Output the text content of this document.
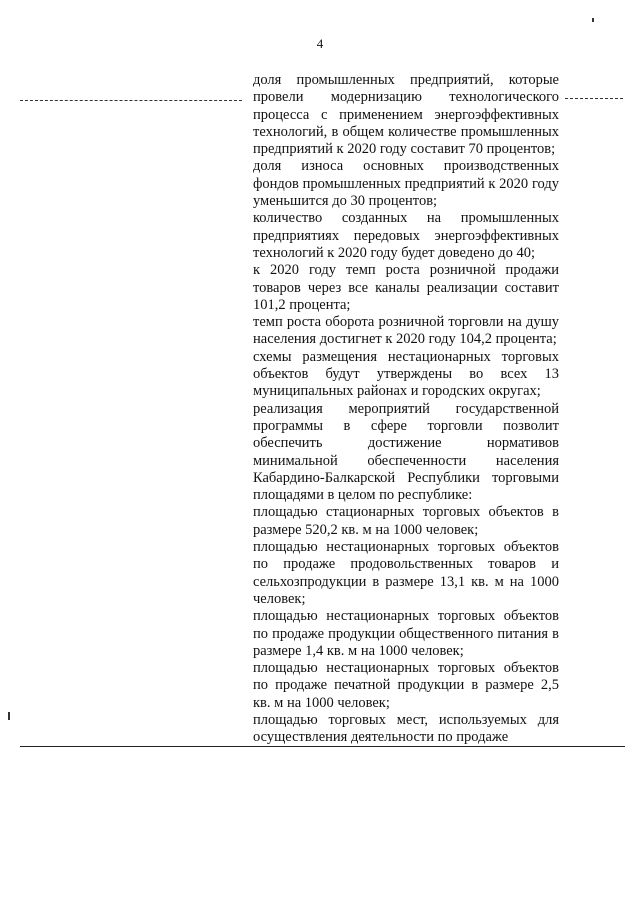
4

доля промышленных предприятий, которые провели модернизацию технологического процесса с применением энергоэффективных технологий, в общем количестве промышленных предприятий к 2020 году составит 70 процентов;

доля износа основных производственных фондов промышленных предприятий к 2020 году уменьшится до 30 процентов;

количество созданных на промышленных предприятиях передовых энергоэффективных технологий к 2020 году будет доведено до 40;

к 2020 году темп роста розничной продажи товаров через все каналы реализации составит 101,2 процента;

темп роста оборота розничной торговли на душу населения достигнет к 2020 году 104,2 процента;

схемы размещения нестационарных торговых объектов будут утверждены во всех 13 муниципальных районах и городских округах;

реализация мероприятий государственной программы в сфере торговли позволит обеспечить достижение нормативов минимальной обеспеченности населения Кабардино-Балкарской Республики торговыми площадями в целом по республике:

площадью стационарных торговых объектов в размере 520,2 кв. м на 1000 человек;

площадью нестационарных торговых объектов по продаже продовольственных товаров и сельхозпродукции в размере 13,1 кв. м на 1000 человек;

площадью нестационарных торговых объектов по продаже продукции общественного питания в размере 1,4 кв. м на 1000 человек;

площадью нестационарных торговых объектов по продаже печатной продукции в размере 2,5 кв. м на 1000 человек;

площадью торговых мест, используемых для осуществления деятельности по продаже
